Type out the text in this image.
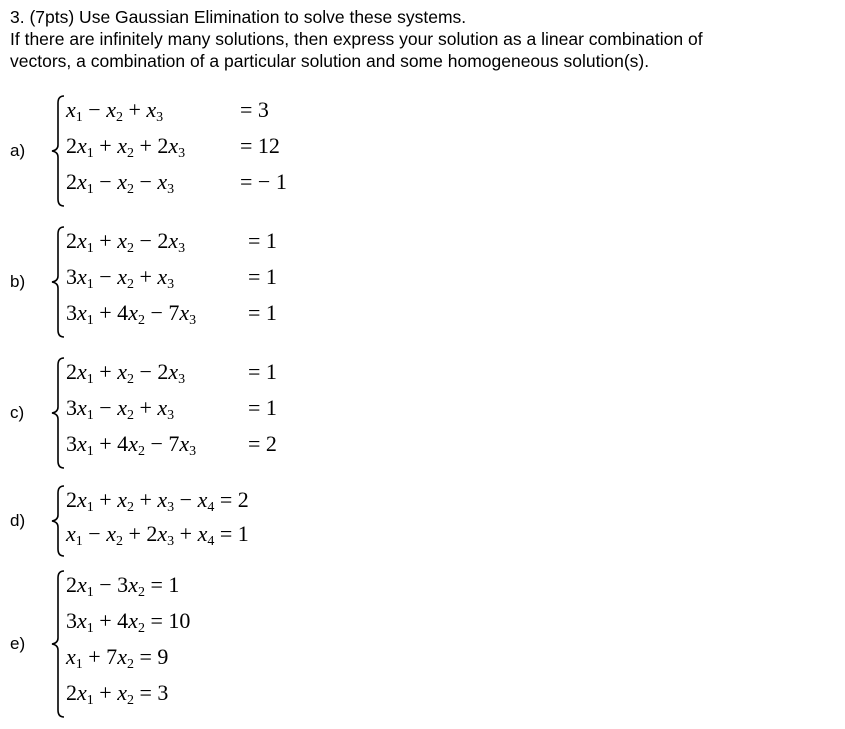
3. (7pts) Use Gaussian Elimination to solve these systems.
If there are infinitely many solutions, then express your solution as a linear combination of
vectors, a combination of a particular solution and some homogeneous solution(s).
a)
$x_1 - x_2 + x_3$	= 3
$2x_1 + x_2 + 2x_3 = 12$
$2x_1 - x_2 - x_3$	= − 1
b)
$2x_1 + x_2 - 2x_3$	= 1
$3x_1 - x_2 + x_3$	= 1
$3x_1 + 4x_2 - 7x_3 = 1$
c)
$2x_1 + x_2 - 2x_3$	= 1
$3x_1 - x_2 + x_3$	= 1
$3x_1 + 4x_2 - 7x_3 = 2$
d)
$2x_1 + x_2 + x_3 - x_4 = 2$
$x_1 - x_2 + 2x_3 + x_4 = 1$
e)
$2x_1 - 3x_2 = 1$
$3x_1 + 4x_2 = 10$
$x_1 + 7x_2 = 9$
$2x_1 + x_2 = 3$
